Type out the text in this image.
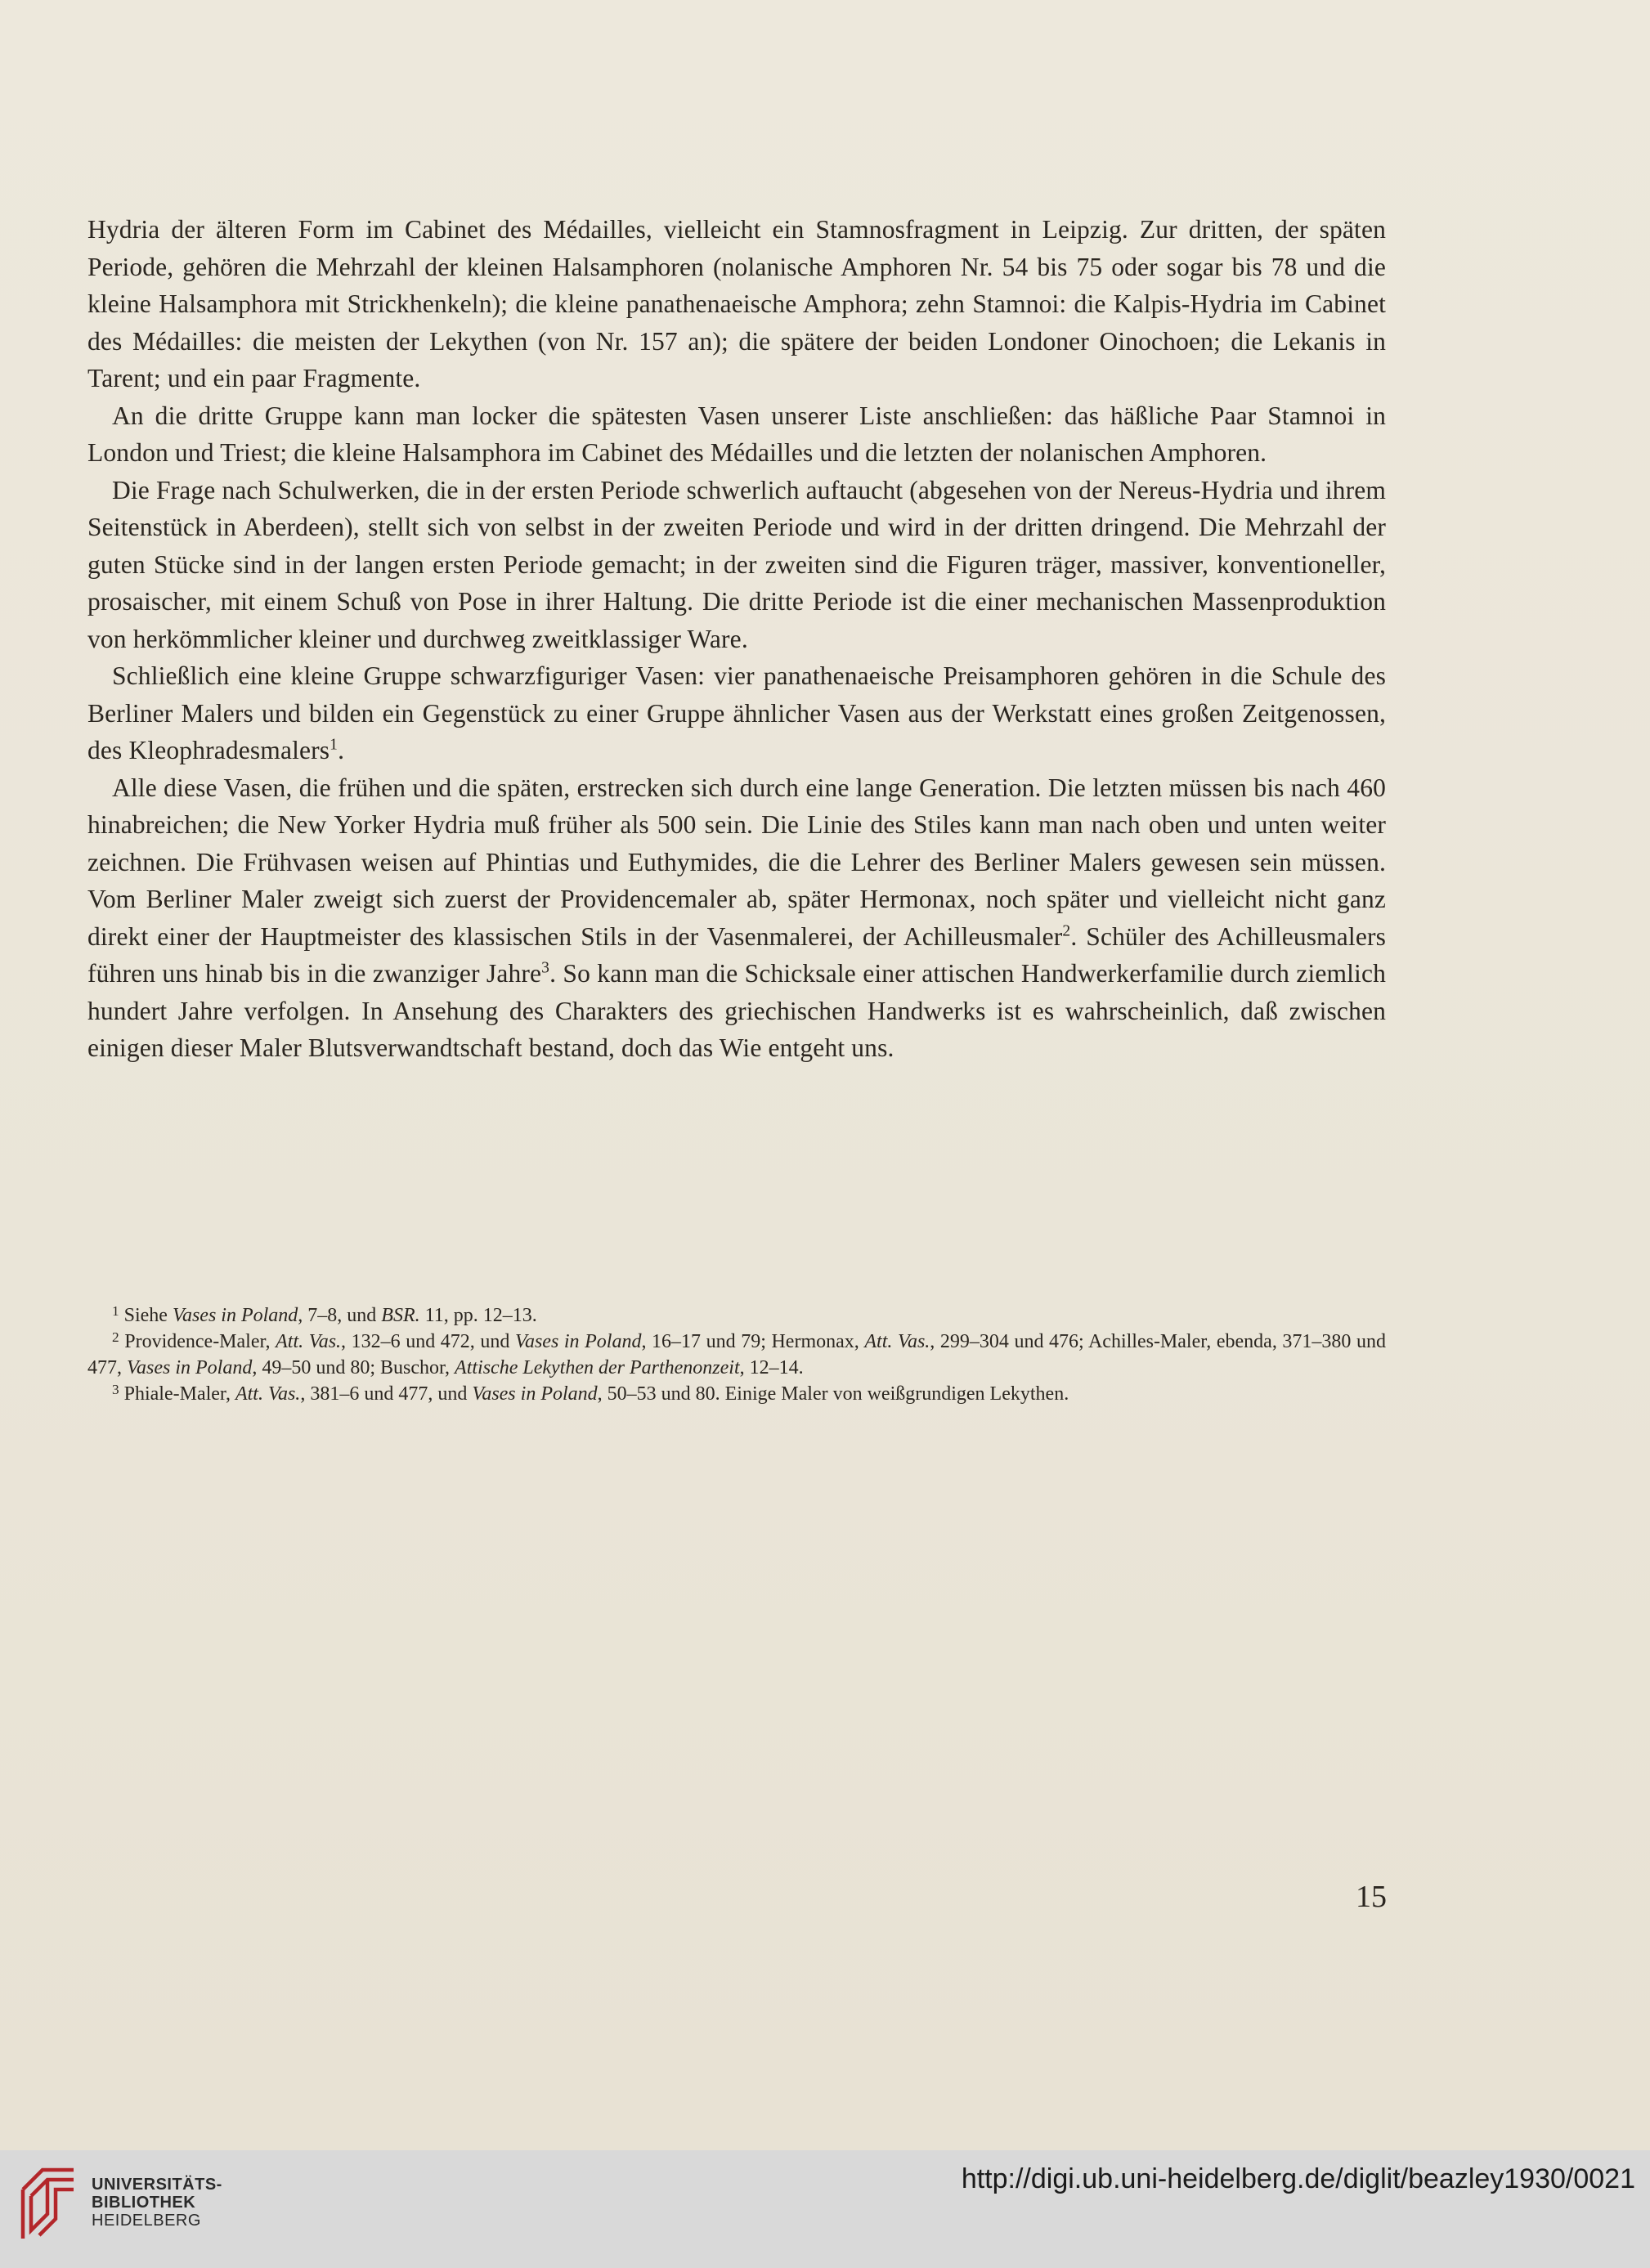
Hydria der älteren Form im Cabinet des Médailles, vielleicht ein Stamnosfragment in Leipzig. Zur dritten, der späten Periode, gehören die Mehrzahl der kleinen Halsamphoren (nolanische Amphoren Nr. 54 bis 75 oder sogar bis 78 und die kleine Halsamphora mit Strickhenkeln); die kleine panathenaeische Amphora; zehn Stamnoi: die Kalpis-Hydria im Cabinet des Médailles: die meisten der Lekythen (von Nr. 157 an); die spätere der beiden Londoner Oinochoen; die Lekanis in Tarent; und ein paar Fragmente.

An die dritte Gruppe kann man locker die spätesten Vasen unserer Liste anschließen: das häßliche Paar Stamnoi in London und Triest; die kleine Halsamphora im Cabinet des Médailles und die letzten der nolanischen Amphoren.

Die Frage nach Schulwerken, die in der ersten Periode schwerlich auftaucht (abgesehen von der Nereus-Hydria und ihrem Seitenstück in Aberdeen), stellt sich von selbst in der zweiten Periode und wird in der dritten dringend. Die Mehrzahl der guten Stücke sind in der langen ersten Periode gemacht; in der zweiten sind die Figuren träger, massiver, konventioneller, prosaischer, mit einem Schuß von Pose in ihrer Haltung. Die dritte Periode ist die einer mechanischen Massenproduktion von herkömmlicher kleiner und durchweg zweitklassiger Ware.

Schließlich eine kleine Gruppe schwarzfiguriger Vasen: vier panathenaeische Preisamphoren gehören in die Schule des Berliner Malers und bilden ein Gegenstück zu einer Gruppe ähnlicher Vasen aus der Werkstatt eines großen Zeitgenossen, des Kleophradesmalers$^1$.

Alle diese Vasen, die frühen und die späten, erstrecken sich durch eine lange Generation. Die letzten müssen bis nach 460 hinabreichen; die New Yorker Hydria muß früher als 500 sein. Die Linie des Stiles kann man nach oben und unten weiter zeichnen. Die Frühvasen weisen auf Phintias und Euthymides, die die Lehrer des Berliner Malers gewesen sein müssen. Vom Berliner Maler zweigt sich zuerst der Providencemaler ab, später Hermonax, noch später und vielleicht nicht ganz direkt einer der Hauptmeister des klassischen Stils in der Vasenmalerei, der Achilleusmaler$^2$. Schüler des Achilleusmalers führen uns hinab bis in die zwanziger Jahre$^3$. So kann man die Schicksale einer attischen Handwerkerfamilie durch ziemlich hundert Jahre verfolgen. In Ansehung des Charakters des griechischen Handwerks ist es wahrscheinlich, daß zwischen einigen dieser Maler Blutsverwandtschaft bestand, doch das Wie entgeht uns.

$^1$ Siehe Vases in Poland, 7–8, und BSR. 11, pp. 12–13.

$^2$ Providence-Maler, Att. Vas., 132–6 und 472, und Vases in Poland, 16–17 und 79; Hermonax, Att. Vas., 299–304 und 476; Achilles-Maler, ebenda, 371–380 und 477, Vases in Poland, 49–50 und 80; Buschor, Attische Lekythen der Parthenonzeit, 12–14.

$^3$ Phiale-Maler, Att. Vas., 381–6 und 477, und Vases in Poland, 50–53 und 80. Einige Maler von weißgrundigen Lekythen.

15
UNIVERSITÄTS-
BIBLIOTHEK
HEIDELBERG
http://digi.ub.uni-heidelberg.de/diglit/beazley1930/0021
